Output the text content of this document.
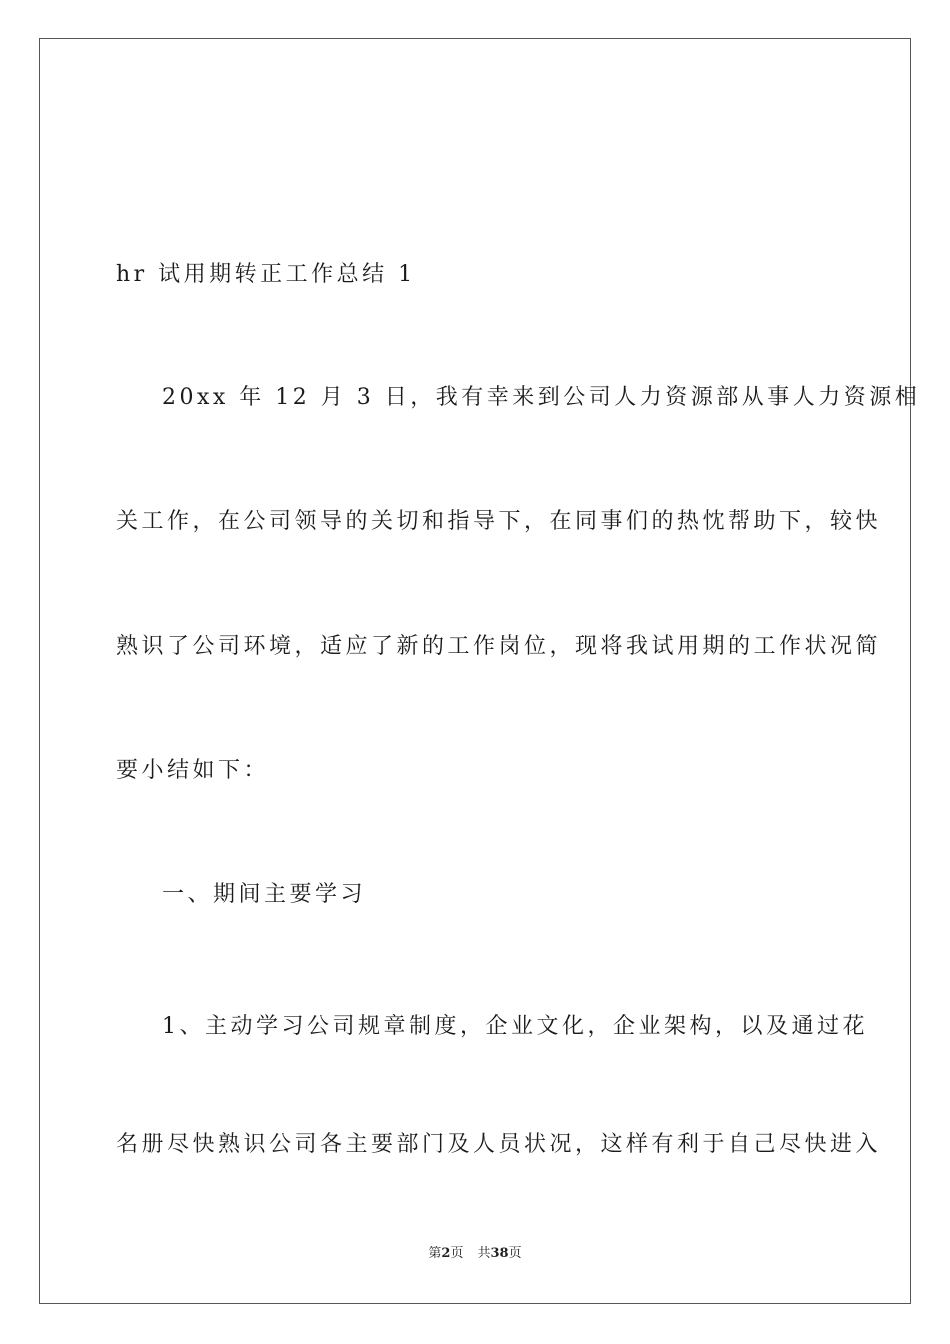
hr 试用期转正工作总结 1
20xx 年 12 月 3 日，我有幸来到公司人力资源部从事人力资源相
关工作，在公司领导的关切和指导下，在同事们的热忱帮助下，较快
熟识了公司环境，适应了新的工作岗位，现将我试用期的工作状况简
要小结如下：
一、期间主要学习
1、主动学习公司规章制度，企业文化，企业架构，以及通过花
名册尽快熟识公司各主要部门及人员状况，这样有利于自己尽快进入
第2页 共38页
